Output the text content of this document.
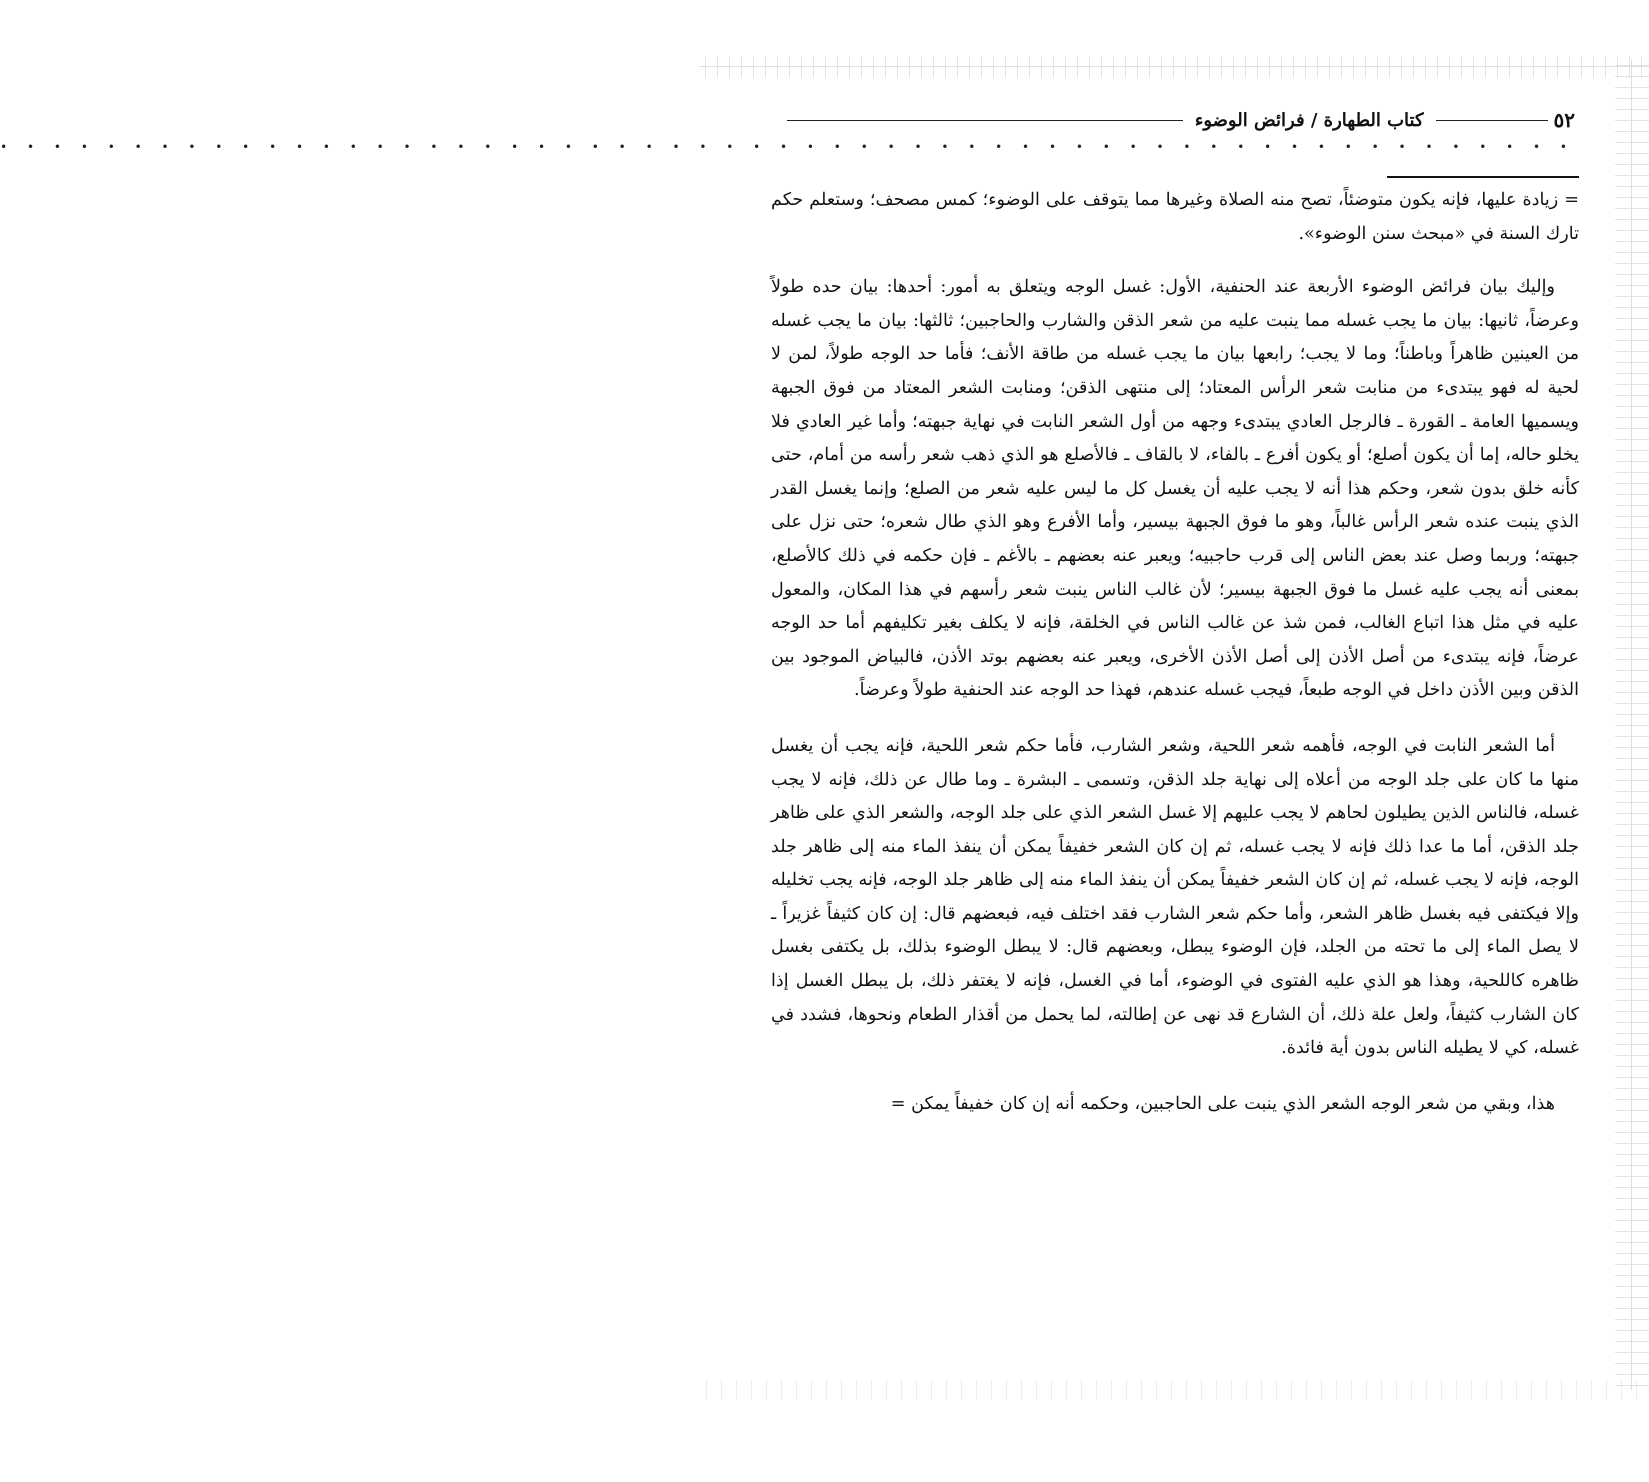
٥٢
كتاب الطهارة / فرائض الوضوء
• • • • • • • • • • • • • • • • • • • • • • • • • • • • • • • • • • • • • • • • • • • • • • • • • • • • • • • • • • •

= زيادة عليها، فإنه يكون متوضئاً، تصح منه الصلاة وغيرها مما يتوقف على الوضوء؛ كمس مصحف؛ وستعلم حكم تارك السنة في «مبحث سنن الوضوء».

وإليك بيان فرائض الوضوء الأربعة عند الحنفية، الأول: غسل الوجه ويتعلق به أمور: أحدها: بيان حده طولاً وعرضاً، ثانيها: بيان ما يجب غسله مما ينبت عليه من شعر الذقن والشارب والحاجبين؛ ثالثها: بيان ما يجب غسله من العينين ظاهراً وباطناً؛ وما لا يجب؛ رابعها بيان ما يجب غسله من طاقة الأنف؛ فأما حد الوجه طولاً، لمن لا لحية له فهو يبتدىء من منابت شعر الرأس المعتاد؛ إلى منتهى الذقن؛ ومنابت الشعر المعتاد من فوق الجبهة ويسميها العامة ـ القورة ـ فالرجل العادي يبتدىء وجهه من أول الشعر النابت في نهاية جبهته؛ وأما غير العادي فلا يخلو حاله، إما أن يكون أصلع؛ أو يكون أفرع ـ بالفاء، لا بالقاف ـ فالأصلع هو الذي ذهب شعر رأسه من أمام، حتى كأنه خلق بدون شعر، وحكم هذا أنه لا يجب عليه أن يغسل كل ما ليس عليه شعر من الصلع؛ وإنما يغسل القدر الذي ينبت عنده شعر الرأس غالباً، وهو ما فوق الجبهة بيسير، وأما الأفرع وهو الذي طال شعره؛ حتى نزل على جبهته؛ وربما وصل عند بعض الناس إلى قرب حاجبيه؛ ويعبر عنه بعضهم ـ بالأغم ـ فإن حكمه في ذلك كالأصلع، بمعنى أنه يجب عليه غسل ما فوق الجبهة بيسير؛ لأن غالب الناس ينبت شعر رأسهم في هذا المكان، والمعول عليه في مثل هذا اتباع الغالب، فمن شذ عن غالب الناس في الخلقة، فإنه لا يكلف بغير تكليفهم أما حد الوجه عرضاً، فإنه يبتدىء من أصل الأذن إلى أصل الأذن الأخرى، ويعبر عنه بعضهم بوتد الأذن، فالبياض الموجود بين الذقن وبين الأذن داخل في الوجه طبعاً، فيجب غسله عندهم، فهذا حد الوجه عند الحنفية طولاً وعرضاً.

أما الشعر النابت في الوجه، فأهمه شعر اللحية، وشعر الشارب، فأما حكم شعر اللحية، فإنه يجب أن يغسل منها ما كان على جلد الوجه من أعلاه إلى نهاية جلد الذقن، وتسمى ـ البشرة ـ وما طال عن ذلك، فإنه لا يجب غسله، فالناس الذين يطيلون لحاهم لا يجب عليهم إلا غسل الشعر الذي على جلد الوجه، والشعر الذي على ظاهر جلد الذقن، أما ما عدا ذلك فإنه لا يجب غسله، ثم إن كان الشعر خفيفاً يمكن أن ينفذ الماء منه إلى ظاهر جلد الوجه، فإنه لا يجب غسله، ثم إن كان الشعر خفيفاً يمكن أن ينفذ الماء منه إلى ظاهر جلد الوجه، فإنه يجب تخليله وإلا فيكتفى فيه بغسل ظاهر الشعر، وأما حكم شعر الشارب فقد اختلف فيه، فبعضهم قال: إن كان كثيفاً غزيراً ـ لا يصل الماء إلى ما تحته من الجلد، فإن الوضوء يبطل، وبعضهم قال: لا يبطل الوضوء بذلك، بل يكتفى بغسل ظاهره كاللحية، وهذا هو الذي عليه الفتوى في الوضوء، أما في الغسل، فإنه لا يغتفر ذلك، بل يبطل الغسل إذا كان الشارب كثيفاً، ولعل علة ذلك، أن الشارع قد نهى عن إطالته، لما يحمل من أقذار الطعام ونحوها، فشدد في غسله، كي لا يطيله الناس بدون أية فائدة.

هذا، وبقي من شعر الوجه الشعر الذي ينبت على الحاجبين، وحكمه أنه إن كان خفيفاً يمكن =
